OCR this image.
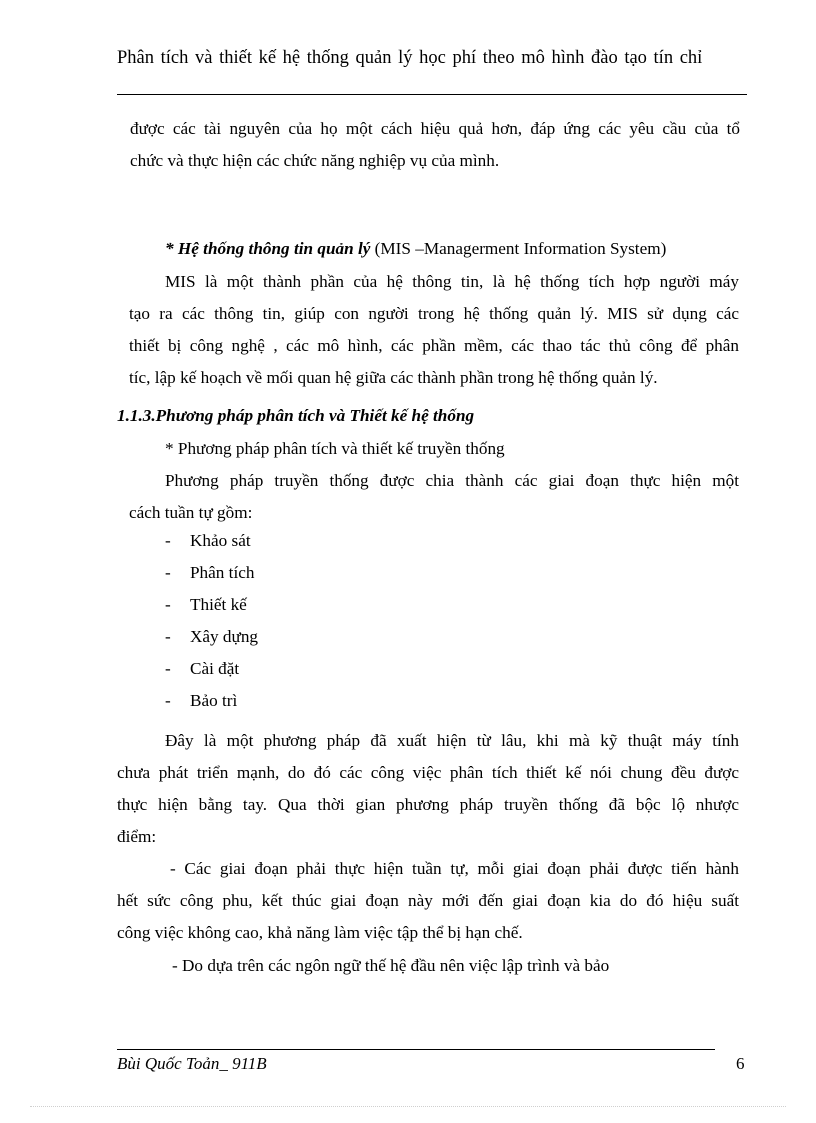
Phân tích và thiết kế hệ thống quản lý học phí theo mô hình đào tạo tín chỉ
được các tài nguyên của họ một cách hiệu quả hơn, đáp ứng các yêu cầu của tổ
chức và thực hiện các chức năng nghiệp vụ của mình.
* Hệ thống thông tin quản lý (MIS –Managerment Information System)
MIS là một thành phần của hệ thông tin, là hệ thống tích hợp người máy
tạo ra các thông tin, giúp con người trong hệ thống quản lý. MIS sử dụng các
thiết bị công nghệ , các mô hình, các phần mềm, các thao tác thủ công để phân
tíc, lập kế hoạch về mối quan hệ giữa các thành phần trong hệ thống quản lý.
1.1.3.Phương pháp phân tích và Thiết kế hệ thống
* Phương pháp phân tích và thiết kế truyền thống
Phương pháp truyền thống được chia thành các giai đoạn thực hiện một
cách tuần tự gồm:
- Khảo sát
- Phân tích
- Thiết kế
- Xây dựng
- Cài đặt
- Bảo trì
Đây là một phương pháp đã xuất hiện từ lâu, khi mà kỹ thuật máy tính
chưa phát triển mạnh, do đó các công việc phân tích thiết kế nói chung đều được
thực hiện bằng tay. Qua thời gian phương pháp truyền thống đã bộc lộ nhược
điểm:
- Các giai đoạn phải thực hiện tuần tự, mỗi giai đoạn phải được tiến hành
hết sức công phu, kết thúc giai đoạn này mới đến giai đoạn kia do đó hiệu suất
công việc không cao, khả năng làm việc tập thể bị hạn chế.
- Do dựa trên các ngôn ngữ thế hệ đầu nên việc lập trình và bảo
Bùi Quốc Toản_ 911B	6
